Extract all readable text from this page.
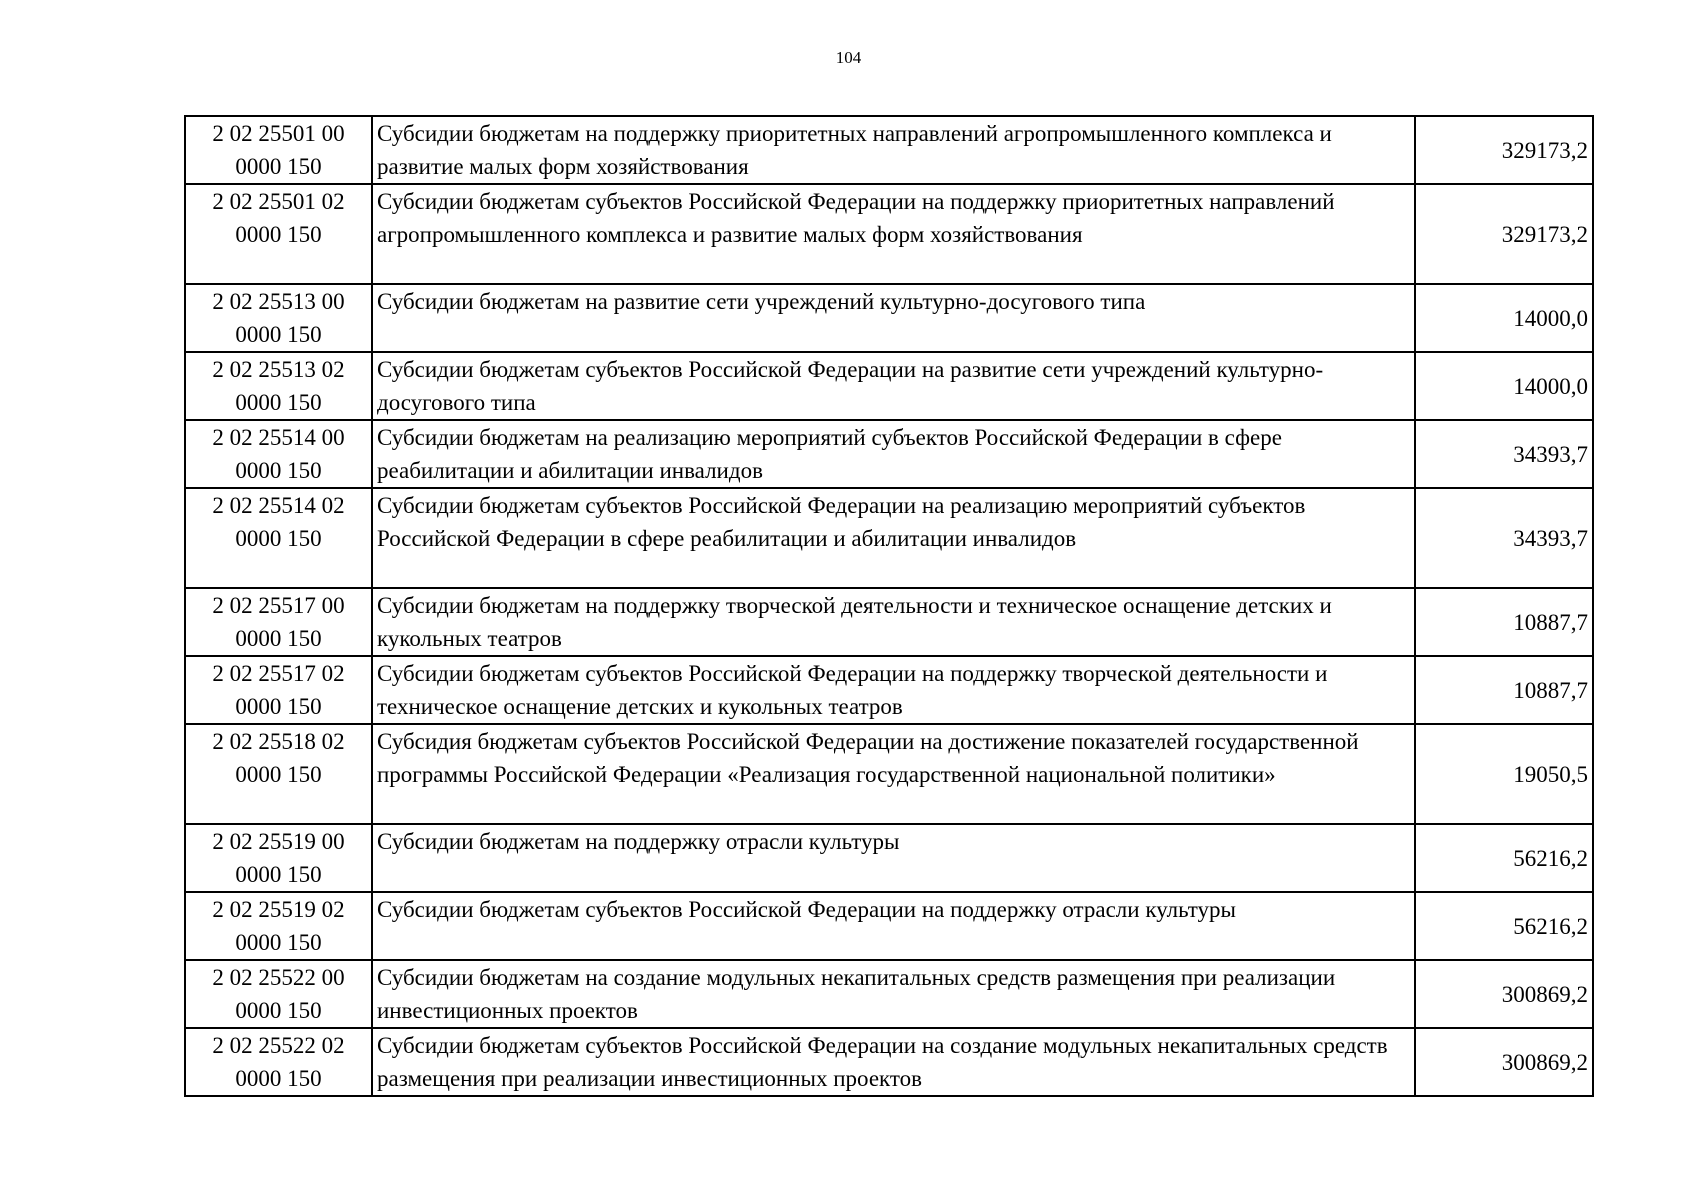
104
2 02 25501 00
0000 150	Субсидии бюджетам на поддержку приоритетных направлений агропромышленного комплекса и развитие малых форм хозяйствования	329173,2

2 02 25501 02
0000 150	Субсидии бюджетам субъектов Российской Федерации на поддержку приоритетных направлений агропромышленного комплекса и развитие малых форм хозяйствования	329173,2

2 02 25513 00
0000 150	Субсидии бюджетам на развитие сети учреждений культурно-досугового типа	14000,0

2 02 25513 02
0000 150	Субсидии бюджетам субъектов Российской Федерации на развитие сети учреждений культурно-досугового типа	14000,0

2 02 25514 00
0000 150	Субсидии бюджетам на реализацию мероприятий субъектов Российской Федерации в сфере реабилитации и абилитации инвалидов	34393,7

2 02 25514 02
0000 150	Субсидии бюджетам субъектов Российской Федерации на реализацию мероприятий субъектов Российской Федерации в сфере реабилитации и абилитации инвалидов	34393,7

2 02 25517 00
0000 150	Субсидии бюджетам на поддержку творческой деятельности и техническое оснащение детских и кукольных театров	10887,7

2 02 25517 02
0000 150	Субсидии бюджетам субъектов Российской Федерации на поддержку творческой деятельности и техническое оснащение детских и кукольных театров	10887,7

2 02 25518 02
0000 150	Субсидия бюджетам субъектов Российской Федерации на достижение показателей государственной программы Российской Федерации «Реализация государственной национальной политики»	19050,5

2 02 25519 00
0000 150	Субсидии бюджетам на поддержку отрасли культуры	56216,2

2 02 25519 02
0000 150	Субсидии бюджетам субъектов Российской Федерации на поддержку отрасли культуры	56216,2

2 02 25522 00
0000 150	Субсидии бюджетам на создание модульных некапитальных средств размещения при реализации инвестиционных проектов	300869,2

2 02 25522 02
0000 150	Субсидии бюджетам субъектов Российской Федерации на создание модульных некапитальных средств размещения при реализации инвестиционных проектов	300869,2
